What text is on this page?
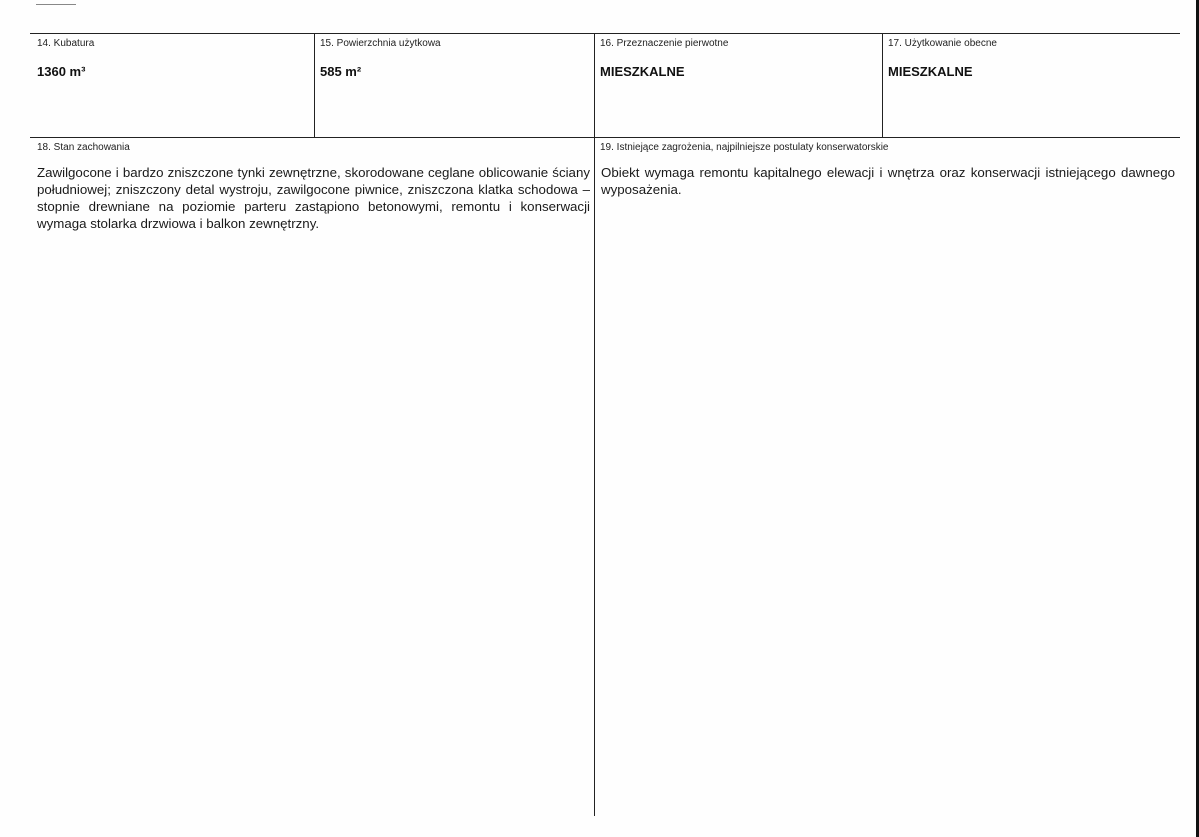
14. Kubatura
1360 m³
15. Powierzchnia użytkowa
585 m²
16. Przeznaczenie pierwotne
MIESZKALNE
17. Użytkowanie obecne
MIESZKALNE
18. Stan zachowania
Zawilgocone i bardzo zniszczone tynki zewnętrzne, skorodowane ceglane oblicowanie ściany południowej; zniszczony detal wystroju, zawilgocone piwnice, zniszczona klatka schodowa – stopnie drewniane na poziomie parteru zastąpiono betonowymi, remontu i konserwacji wymaga stolarka drzwiowa i balkon zewnętrzny.
19. Istniejące zagrożenia, najpilniejsze postulaty konserwatorskie
Obiekt wymaga remontu kapitalnego elewacji i wnętrza oraz konserwacji istniejącego dawnego wyposażenia.
